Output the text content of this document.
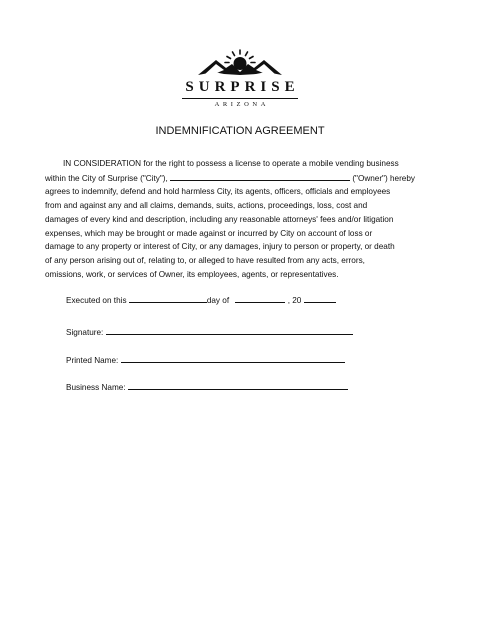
SURPRISE
ARIZONA
INDEMNIFICATION AGREEMENT
IN CONSIDERATION for the right to possess a license to operate a mobile vending business
within the City of Surprise ("City"),	("Owner") hereby
agrees to indemnify, defend and hold harmless City, its agents, officers, officials and employees
from and against any and all claims, demands, suits, actions, proceedings, loss, cost and
damages of every kind and description, including any reasonable attorneys' fees and/or litigation
expenses, which may be brought or made against or incurred by City on account of loss or
damage to any property or interest of City, or any damages, injury to person or property, or death
of any person arising out of, relating to, or alleged to have resulted from any acts, errors,
omissions, work, or services of Owner, its employees, agents, or representatives.
Executed on this	day of	, 20
Signature:
Printed Name:
Business Name:
